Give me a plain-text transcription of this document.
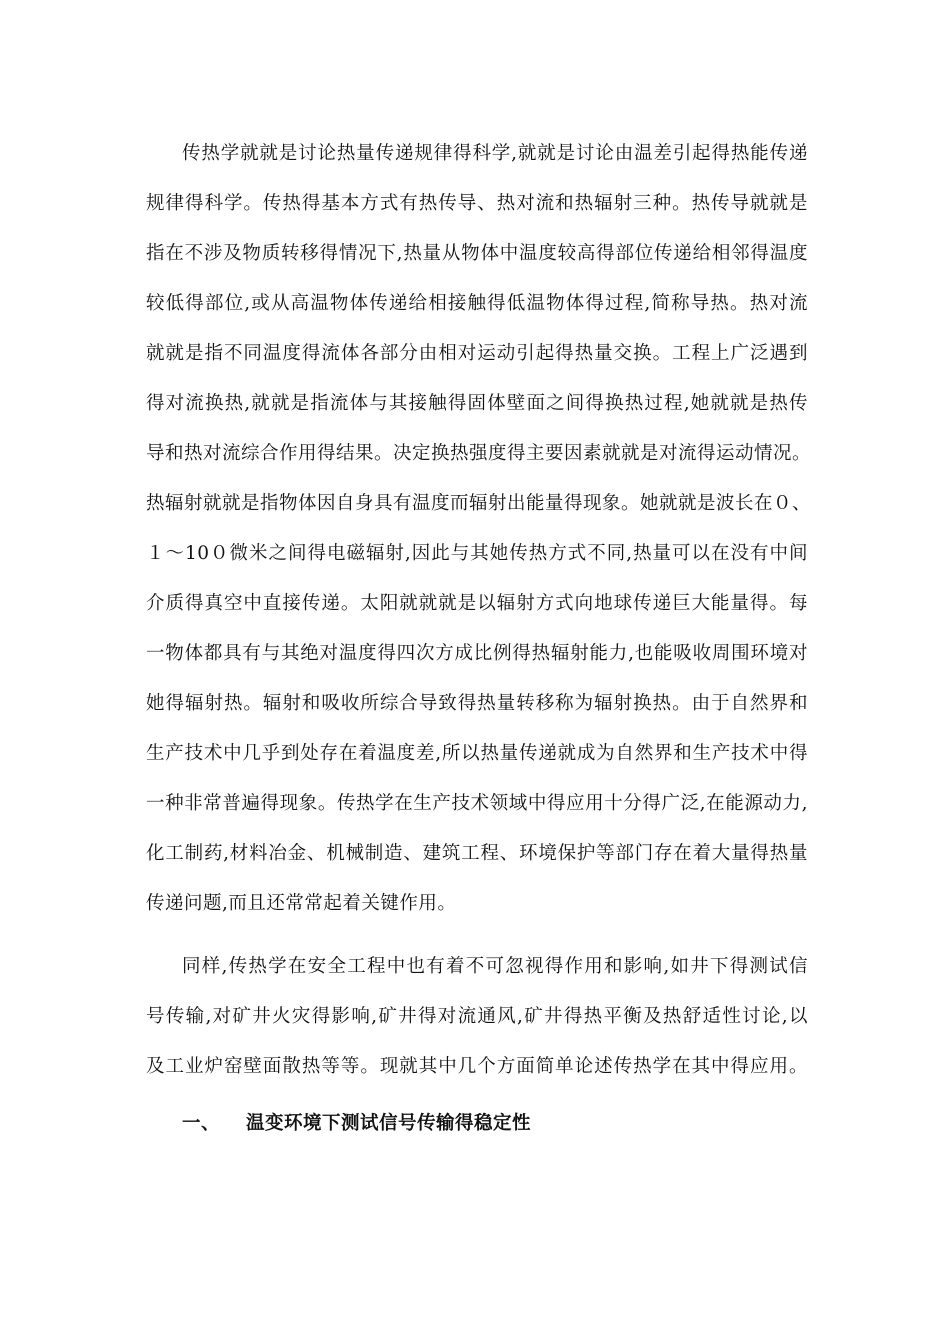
传热学就就是讨论热量传递规律得科学,就就是讨论由温差引起得热能传递
规律得科学。传热得基本方式有热传导、热对流和热辐射三种。热传导就就是
指在不涉及物质转移得情况下,热量从物体中温度较高得部位传递给相邻得温度
较低得部位,或从高温物体传递给相接触得低温物体得过程,简称导热。热对流
就就是指不同温度得流体各部分由相对运动引起得热量交换。工程上广泛遇到
得对流换热,就就是指流体与其接触得固体壁面之间得换热过程,她就就是热传
导和热对流综合作用得结果。决定换热强度得主要因素就就是对流得运动情况。
热辐射就就是指物体因自身具有温度而辐射出能量得现象。她就就是波长在０、
１～10０微米之间得电磁辐射,因此与其她传热方式不同,热量可以在没有中间
介质得真空中直接传递。太阳就就就是以辐射方式向地球传递巨大能量得。每
一物体都具有与其绝对温度得四次方成比例得热辐射能力,也能吸收周围环境对
她得辐射热。辐射和吸收所综合导致得热量转移称为辐射换热。由于自然界和
生产技术中几乎到处存在着温度差,所以热量传递就成为自然界和生产技术中得
一种非常普遍得现象。传热学在生产技术领域中得应用十分得广泛,在能源动力,
化工制药,材料冶金、机械制造、建筑工程、环境保护等部门存在着大量得热量
传递问题,而且还常常起着关键作用。
同样,传热学在安全工程中也有着不可忽视得作用和影响,如井下得测试信
号传输,对矿井火灾得影响,矿井得对流通风,矿井得热平衡及热舒适性讨论,以
及工业炉窑壁面散热等等。现就其中几个方面简单论述传热学在其中得应用。
一、 温变环境下测试信号传输得稳定性
